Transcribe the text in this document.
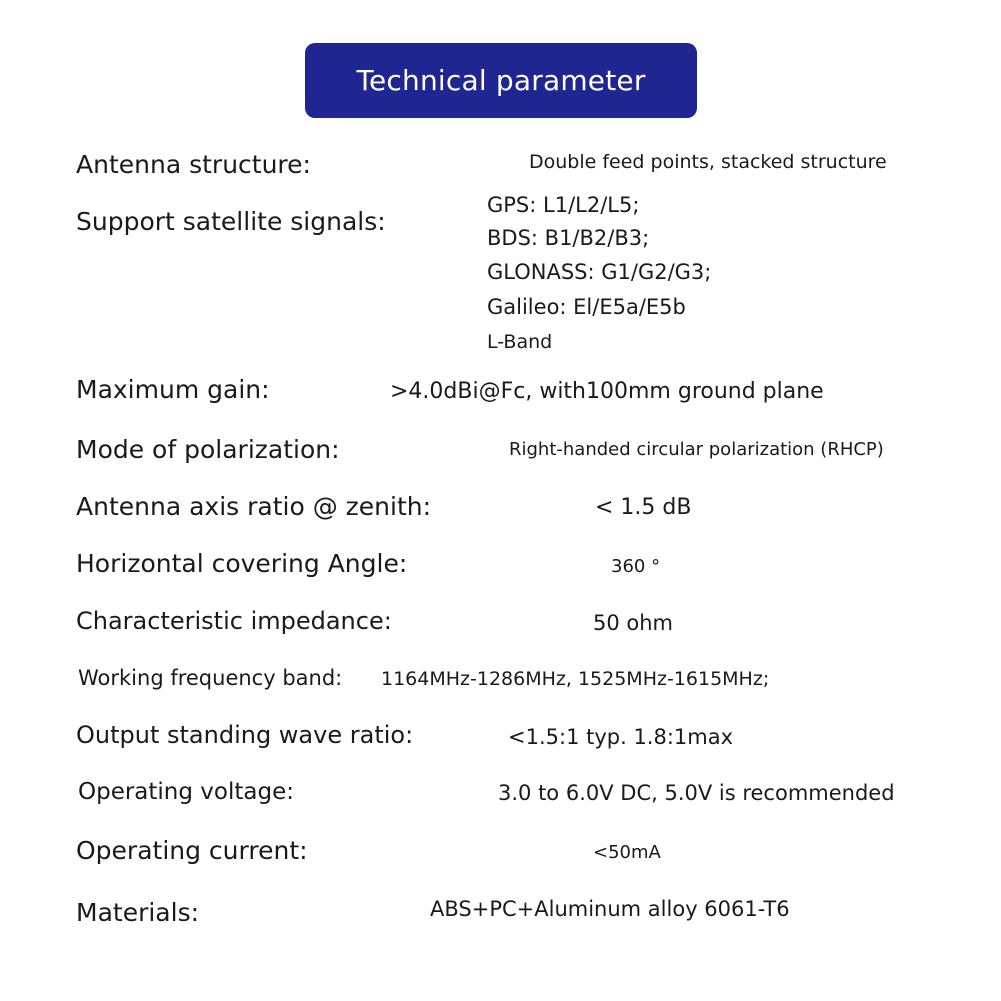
Technical parameter
Antenna structure:	Double feed points, stacked structure
Support satellite signals:
GPS: L1/L2/L5;
BDS: B1/B2/B3;
GLONASS: G1/G2/G3;
Galileo: El/E5a/E5b
L-Band
Maximum gain:	>4.0dBi@Fc, with100mm ground plane
Mode of polarization:	Right-handed circular polarization (RHCP)
Antenna axis ratio @ zenith:	< 1.5 dB
Horizontal covering Angle:	360 °
Characteristic impedance:	50 ohm
Working frequency band: 1164MHz-1286MHz, 1525MHz-1615MHz;
Output standing wave ratio:	<1.5:1 typ. 1.8:1max
Operating voltage:	3.0 to 6.0V DC, 5.0V is recommended
Operating current:	<50mA
Materials:	ABS+PC+Aluminum alloy 6061-T6
